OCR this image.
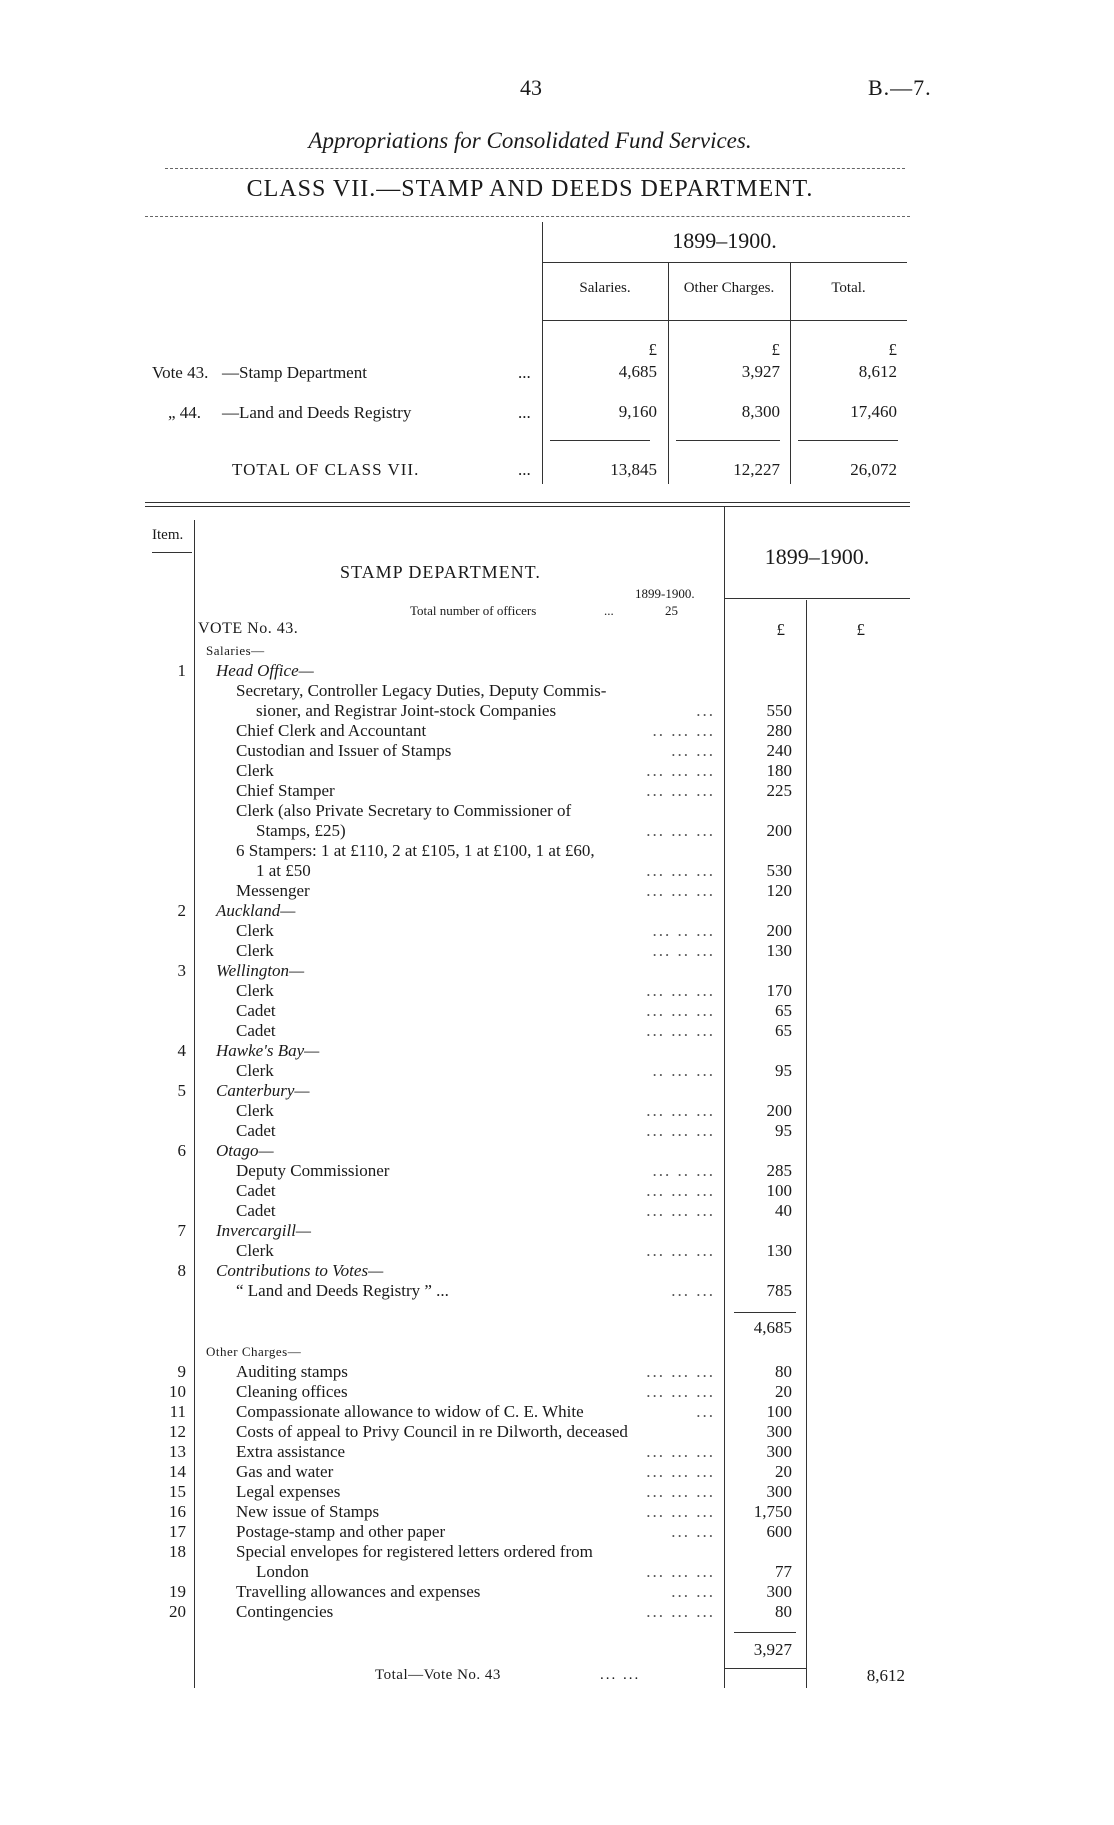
43	B.—7.
Appropriations for Consolidated Fund Services.
CLASS VII.—STAMP AND DEEDS DEPARTMENT.
1899–1900.
Salaries.	Other Charges.	Total.
£	£	£
Vote 43. —Stamp Department	...	4,685	3,927	8,612
„ 44. —Land and Deeds Registry	...	9,160	8,300	17,460
TOTAL OF CLASS VII.	...	13,845	12,227	26,072
Item.
1899–1900.
STAMP DEPARTMENT.
1899-1900.
Total number of officers	...	25
VOTE No. 43.	£	£
Salaries—
1 Head Office—
Secretary, Controller Legacy Duties, Deputy Commis-
sioner, and Registrar Joint-stock Companies	...	550
Chief Clerk and Accountant	.. ... ...	280
Custodian and Issuer of Stamps	... ...	240
Clerk	... ... ...	180
Chief Stamper	... ... ...	225
Clerk (also Private Secretary to Commissioner of
Stamps, £25)	... ... ...	200
6 Stampers: 1 at £110, 2 at £105, 1 at £100, 1 at £60,
1 at £50	... ... ...	530
Messenger	... ... ...	120
2 Auckland—
Clerk	... .. ...	200
Clerk	... .. ...	130
3 Wellington—
Clerk	... ... ...	170
Cadet	... ... ...	65
Cadet	... ... ...	65
4 Hawke's Bay—
Clerk	.. ... ...	95
5 Canterbury—
Clerk	... ... ...	200
Cadet	... ... ...	95
6 Otago—
Deputy Commissioner	... .. ...	285
Cadet	... ... ...	100
Cadet	... ... ...	40
7 Invercargill—
Clerk	... ... ...	130
8 Contributions to Votes—
“ Land and Deeds Registry ” ...	... ...	785
4,685
Other Charges—
9	Auditing stamps	... ... ...	80
10	Cleaning offices	... ... ...	20
11	Compassionate allowance to widow of C. E. White	...	100
12	Costs of appeal to Privy Council in re Dilworth, deceased	300
13	Extra assistance	... ... ...	300
14	Gas and water	... ... ...	20
15	Legal expenses	... ... ...	300
16	New issue of Stamps	... ... ...	1,750
17	Postage-stamp and other paper	... ...	600
18	Special envelopes for registered letters ordered from
London	... ... ...	77
19	Travelling allowances and expenses	... ...	300
20	Contingencies	... ... ...	80
3,927
Total—Vote No. 43	... ...	8,612
